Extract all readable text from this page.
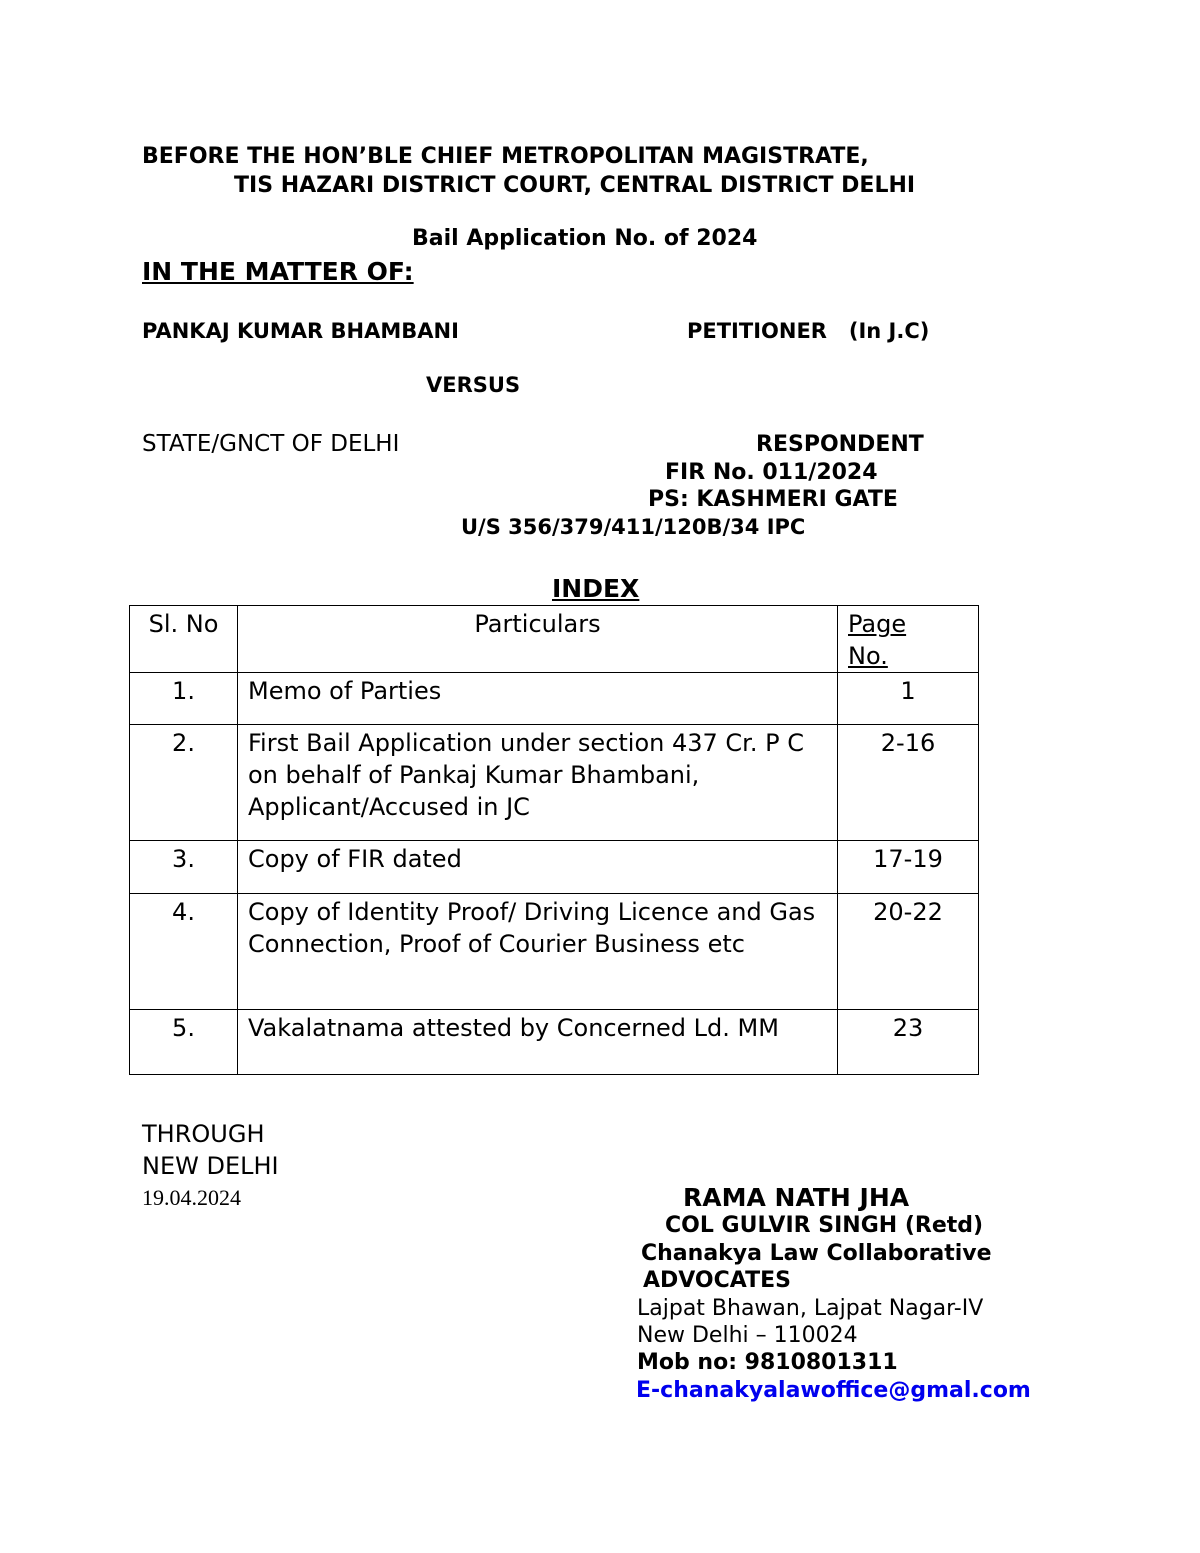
BEFORE THE HON’BLE CHIEF METROPOLITAN MAGISTRATE,
TIS HAZARI DISTRICT COURT, CENTRAL DISTRICT DELHI
Bail Application No. of 2024
IN THE MATTER OF:
PANKAJ KUMAR BHAMBANI	PETITIONER   (In J.C)
VERSUS
STATE/GNCT OF DELHI	RESPONDENT
FIR No. 011/2024
PS: KASHMERI GATE
U/S 356/379/411/120B/34 IPC
INDEX
Sl. No	Particulars	Page
No.
1.	Memo of Parties	1
2.	First Bail Application under section 437 Cr. P C on behalf of Pankaj Kumar Bhambani, Applicant/Accused in JC	2-16
3.	Copy of FIR dated	17-19
4.	Copy of Identity Proof/ Driving Licence and Gas Connection, Proof of Courier Business etc	20-22
5.	Vakalatnama attested by Concerned Ld. MM	23
THROUGH
NEW DELHI
19.04.2024	RAMA NATH JHA
COL GULVIR SINGH (Retd)
Chanakya Law Collaborative
ADVOCATES
Lajpat Bhawan, Lajpat Nagar-IV
New Delhi – 110024
Mob no: 9810801311
E-chanakyalawoffice@gmal.com
